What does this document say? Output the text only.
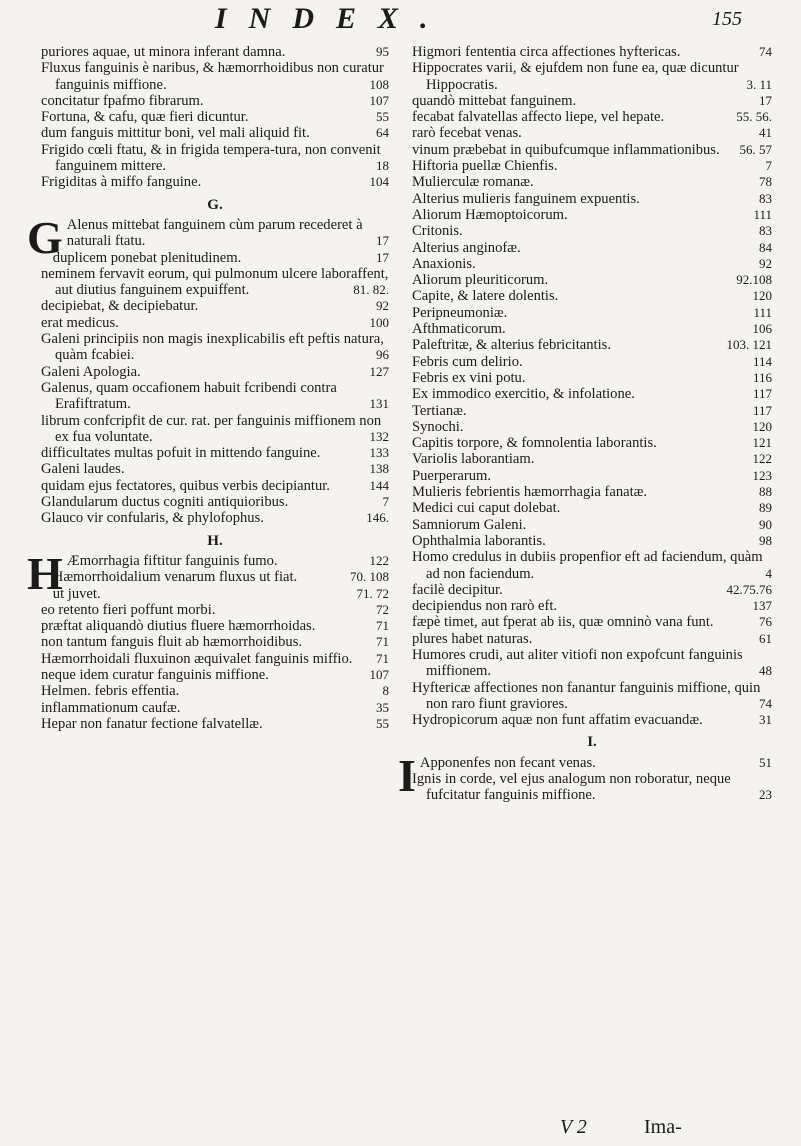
INDEX.	155
puriores aquae, ut minora inferant damna.	95
Fluxus fanguinis è naribus, & hæmorrhoidibus non curatur fanguinis miffione.	108
concitatur fpafmo fibrarum.	107
Fortuna, & cafu, quæ fieri dicuntur.	55
dum fanguis mittitur boni, vel mali aliquid fit.	64
Frigido cœli ftatu, & in frigida tempera-tura, non convenit fanguinem mittere.	18
Frigiditas à miffo fanguine.	104
G.
G Alenus mittebat fanguinem cùm parum recederet à naturali ftatu.	17
duplicem ponebat plenitudinem.	17
neminem fervavit eorum, qui pulmonum ulcere laboraffent, aut diutius fanguinem expuiffent.	81. 82.
decipiebat, & decipiebatur.	92
erat medicus.	100
Galeni principiis non magis inexplicabilis eft peftis natura, quàm fcabiei.	96
Galeni Apologia.	127
Galenus, quam occafionem habuit fcribendi contra Erafiftratum.	131
librum confcripfit de cur. rat. per fanguinis miffionem non ex fua voluntate.	132
difficultates multas pofuit in mittendo fanguine.	133
Galeni laudes.	138
quidam ejus fectatores, quibus verbis decipiantur.	144
Glandularum ductus cogniti antiquioribus.	7
Glauco vir confularis, & phylofophus.	146.
H.
H Æmorrhagia fiftitur fanguinis fumo.	122
Hæmorrhoidalium venarum fluxus ut fiat.	70. 108
ut juvet.	71. 72
eo retento fieri poffunt morbi.	72
præftat aliquandò diutius fluere hæmorrhoidas.	71
non tantum fanguis fluit ab hæmorrhoidibus.	71
Hæmorrhoidali fluxuinon æquivalet fanguinis miffio.	71
neque idem curatur fanguinis miffione.	107
Helmen. febris effentia.	8
inflammationum caufæ.	35
Hepar non fanatur fectione falvatellæ.	55
Higmori fententia circa affectiones hyftericas.	74
Hippocrates varii, & ejufdem non fune ea, quæ dicuntur Hippocratis.	3. 11
quandò mittebat fanguinem.	17
fecabat falvatellas affecto liepe, vel hepate.	55. 56.
rarò fecebat venas.	41
vinum præbebat in quibufcumque inflammationibus.	56. 57
Hiftoria puellæ Chienfis.	7
Mulierculæ romanæ.	78
Alterius mulieris fanguinem expuentis.	83
Aliorum Hæmoptoicorum.	111
Critonis.	83
Alterius anginofæ.	84
Anaxionis.	92
Aliorum pleuriticorum.	92.108
Capite, & latere dolentis.	120
Peripneumoniæ.	111
Afthmaticorum.	106
Paleftritæ, & alterius febricitantis.	103. 121
Febris cum delirio.	114
Febris ex vini potu.	116
Ex immodico exercitio, & infolatione.	117
Tertianæ.	117
Synochi.	120
Capitis torpore, & fomnolentia laborantis.	121
Variolis laborantiam.	122
Puerperarum.	123
Mulieris febrientis hæmorrhagia fanatæ.	88
Medici cui caput dolebat.	89
Samniorum Galeni.	90
Ophthalmia laborantis.	98
Homo credulus in dubiis propenfior eft ad faciendum, quàm ad non faciendum.	4
facilè decipitur.	42.75.76
decipiendus non rarò eft.	137
fæpè timet, aut fperat ab iis, quæ omninò vana funt.	76
plures habet naturas.	61
Humores crudi, aut aliter vitiofi non expofcunt fanguinis miffionem.	48
Hyftericæ affectiones non fanantur fanguinis miffione, quin non raro fiunt graviores.	74
Hydropicorum aquæ non funt affatim evacuandæ.	31
I.
I Apponenfes non fecant venas.	51
Ignis in corde, vel ejus analogum non roboratur, neque fufcitatur fanguinis miffione.	23
V 2	Ima-
